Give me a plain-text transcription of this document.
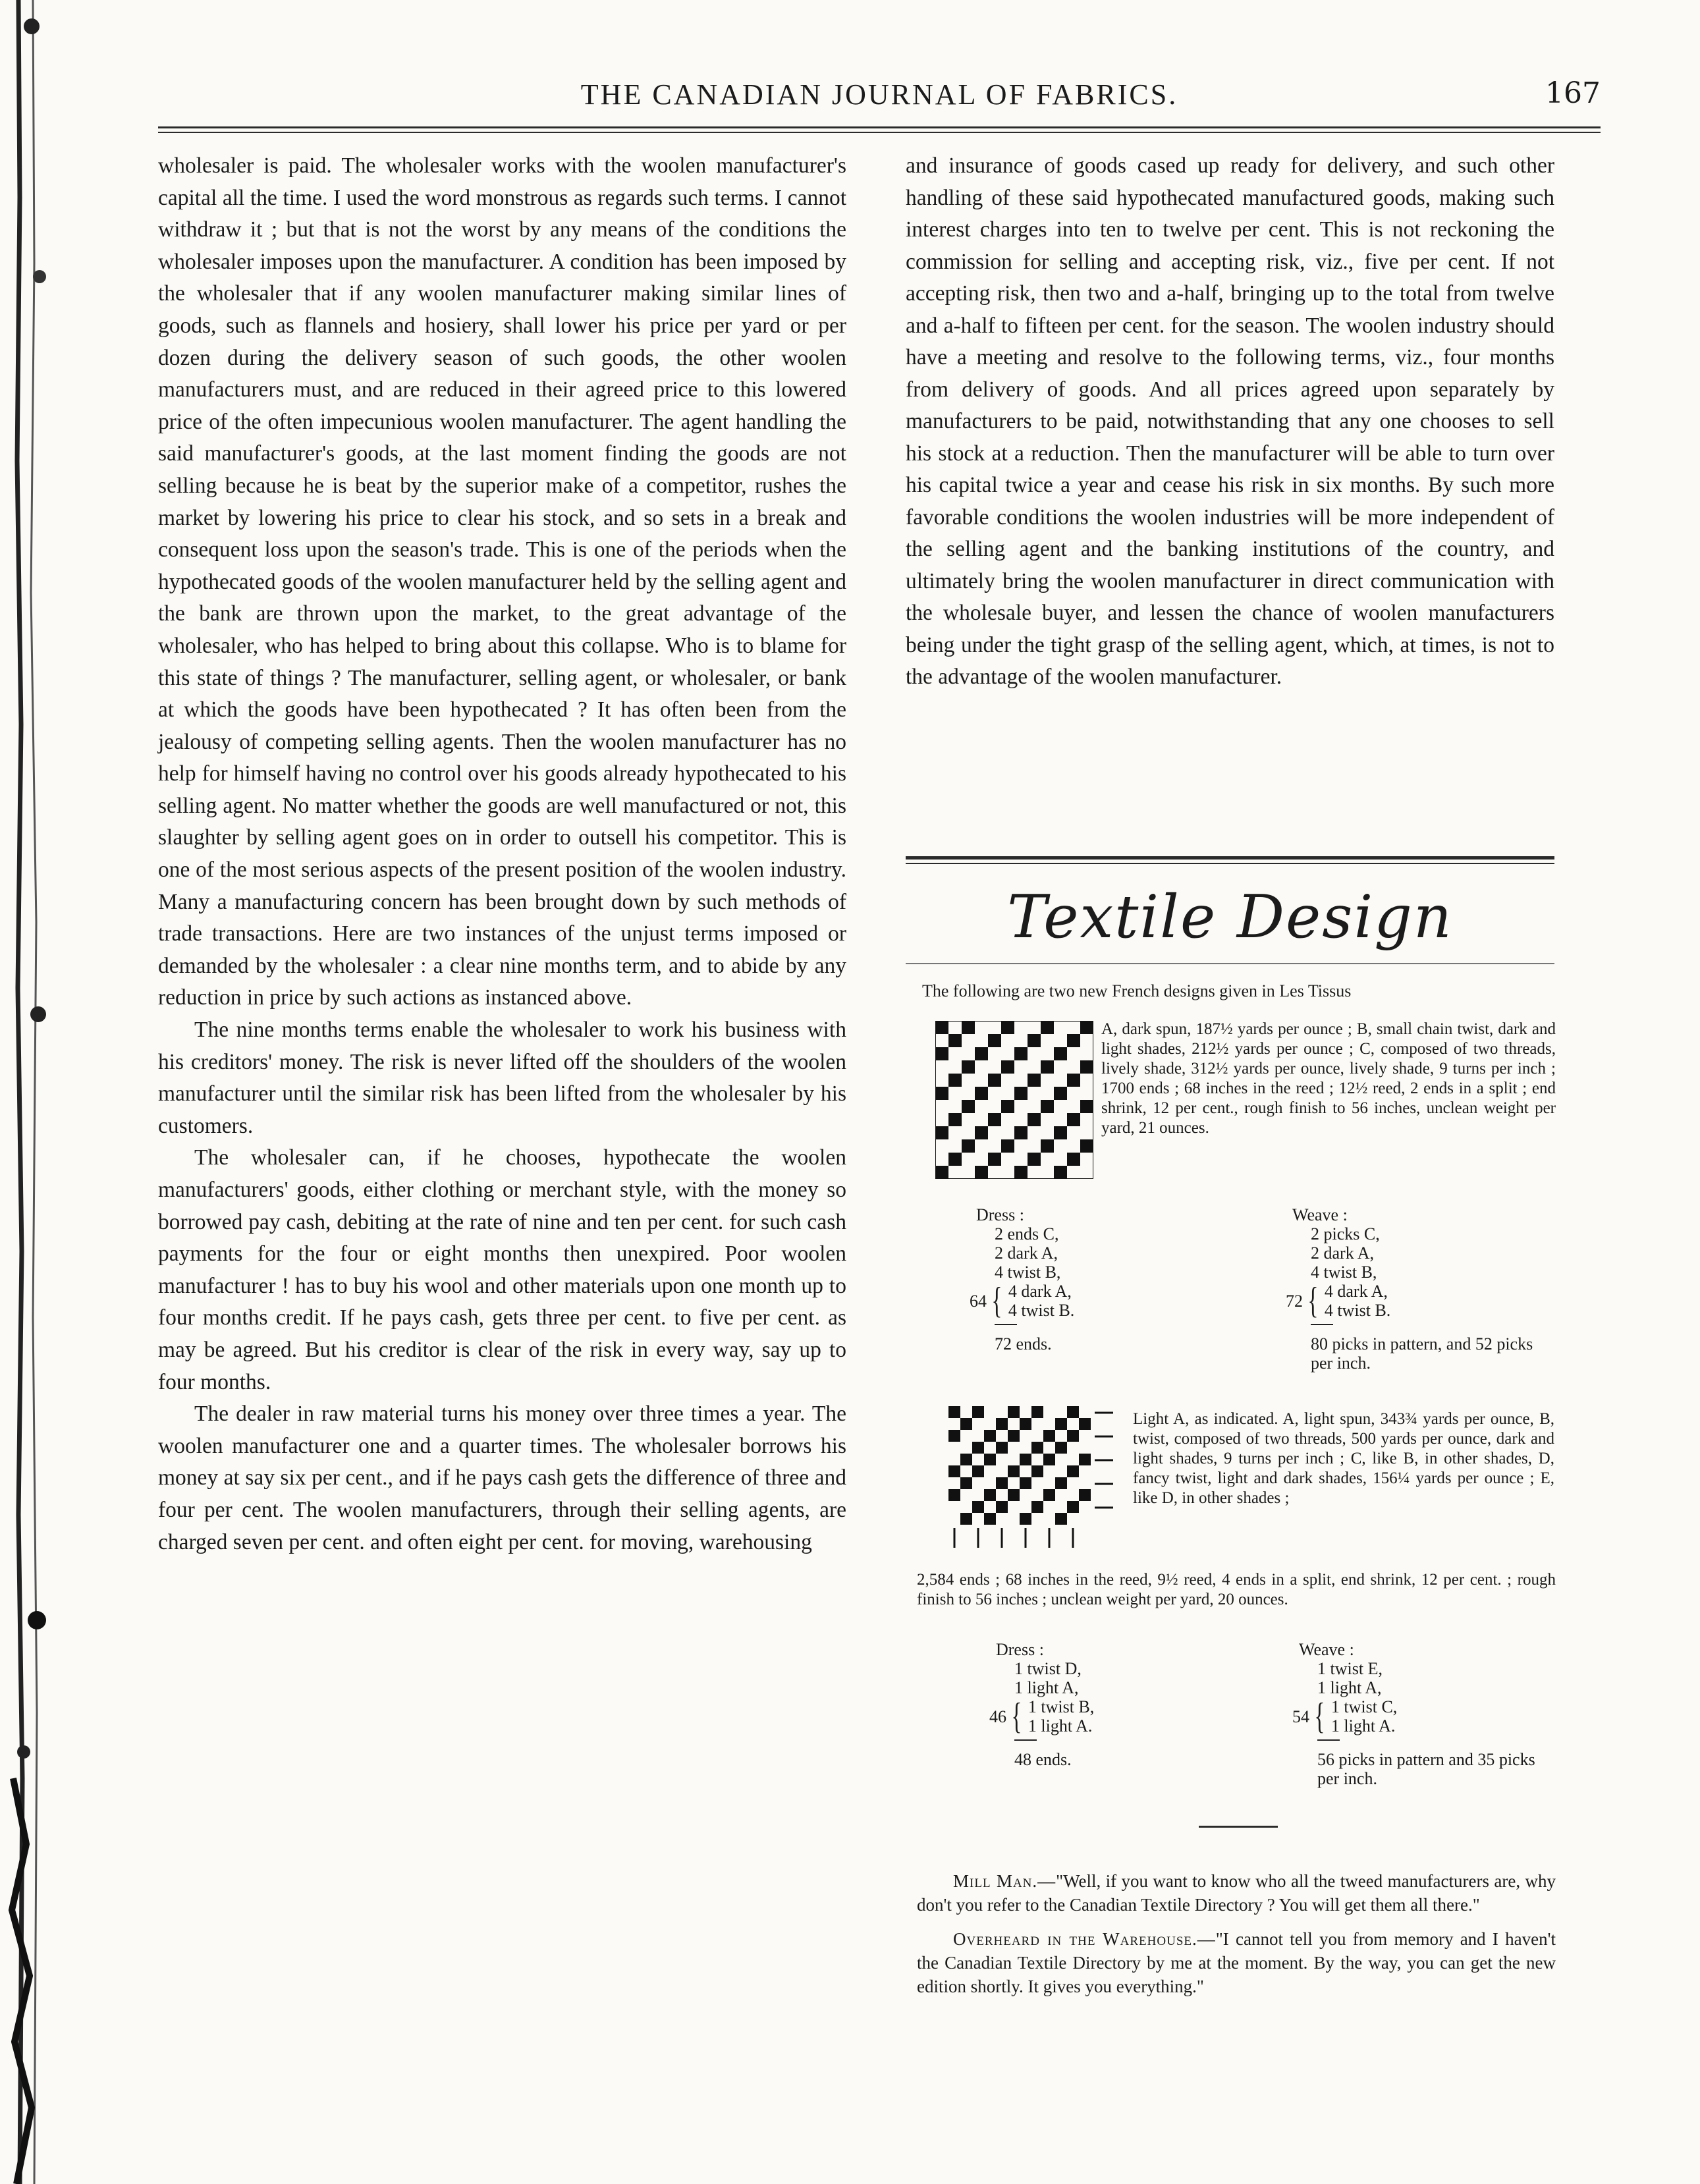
THE CANADIAN JOURNAL OF FABRICS.	167

wholesaler is paid. The wholesaler works with the woolen manufacturer's capital all the time. I used the word monstrous as regards such terms. I cannot withdraw it ; but that is not the worst by any means of the conditions the wholesaler imposes upon the manufacturer. A condition has been imposed by the wholesaler that if any woolen manufacturer making similar lines of goods, such as flannels and hosiery, shall lower his price per yard or per dozen during the delivery season of such goods, the other woolen manufacturers must, and are reduced in their agreed price to this lowered price of the often impecunious woolen manufacturer. The agent handling the said manufacturer's goods, at the last moment finding the goods are not selling because he is beat by the superior make of a competitor, rushes the market by lowering his price to clear his stock, and so sets in a break and consequent loss upon the season's trade. This is one of the periods when the hypothecated goods of the woolen manufacturer held by the selling agent and the bank are thrown upon the market, to the great advantage of the wholesaler, who has helped to bring about this collapse. Who is to blame for this state of things ? The manufacturer, selling agent, or wholesaler, or bank at which the goods have been hypothecated ? It has often been from the jealousy of competing selling agents. Then the woolen manufacturer has no help for himself having no control over his goods already hypothecated to his selling agent. No matter whether the goods are well manufactured or not, this slaughter by selling agent goes on in order to outsell his competitor. This is one of the most serious aspects of the present position of the woolen industry. Many a manufacturing concern has been brought down by such methods of trade transactions. Here are two instances of the unjust terms imposed or demanded by the wholesaler : a clear nine months term, and to abide by any reduction in price by such actions as instanced above.

The nine months terms enable the wholesaler to work his business with his creditors' money. The risk is never lifted off the shoulders of the woolen manufacturer until the similar risk has been lifted from the wholesaler by his customers.

The wholesaler can, if he chooses, hypothecate the woolen manufacturers' goods, either clothing or merchant style, with the money so borrowed pay cash, debiting at the rate of nine and ten per cent. for such cash payments for the four or eight months then unexpired. Poor woolen manufacturer ! has to buy his wool and other materials upon one month up to four months credit. If he pays cash, gets three per cent. to five per cent. as may be agreed. But his creditor is clear of the risk in every way, say up to four months.

The dealer in raw material turns his money over three times a year. The woolen manufacturer one and a quarter times. The wholesaler borrows his money at say six per cent., and if he pays cash gets the difference of three and four per cent. The woolen manufacturers, through their selling agents, are charged seven per cent. and often eight per cent. for moving, warehousing

and insurance of goods cased up ready for delivery, and such other handling of these said hypothecated manufactured goods, making such interest charges into ten to twelve per cent. This is not reckoning the commission for selling and accepting risk, viz., five per cent. If not accepting risk, then two and a-half, bringing up to the total from twelve and a-half to fifteen per cent. for the season. The woolen industry should have a meeting and resolve to the following terms, viz., four months from delivery of goods. And all prices agreed upon separately by manufacturers to be paid, notwithstanding that any one chooses to sell his stock at a reduction. Then the manufacturer will be able to turn over his capital twice a year and cease his risk in six months. By such more favorable conditions the woolen industries will be more independent of the selling agent and the banking institutions of the country, and ultimately bring the woolen manufacturer in direct communication with the wholesale buyer, and lessen the chance of woolen manufacturers being under the tight grasp of the selling agent, which, at times, is not to the advantage of the woolen manufacturer.

Textile Design
The following are two new French designs given in Les Tissus
A, dark spun, 187½ yards per ounce ; B, small chain twist, dark and light shades, 212½ yards per ounce ; C, composed of two threads, lively shade, 312½ yards per ounce, lively shade, 9 turns per inch ; 1700 ends ; 68 inches in the reed ; 12½ reed, 2 ends in a split ; end shrink, 12 per cent., rough finish to 56 inches, unclean weight per yard, 21 ounces.
Dress :
2 ends C,
2 dark A,
4 twist B,
64 { 4 dark A,
4 twist B.
72 ends.
Weave :
2 picks C,
2 dark A,
4 twist B,
72 { 4 dark A,
4 twist B.
80 picks in pattern, and 52 picks per inch.
Light A, as indicated. A, light spun, 343¾ yards per ounce, B, twist, composed of two threads, 500 yards per ounce, dark and light shades, 9 turns per inch ; C, like B, in other shades, D, fancy twist, light and dark shades, 156¼ yards per ounce ; E, like D, in other shades ;
2,584 ends ; 68 inches in the reed, 9½ reed, 4 ends in a split, end shrink, 12 per cent. ; rough finish to 56 inches ; unclean weight per yard, 20 ounces.
Dress :
1 twist D,
1 light A,
46 { 1 twist B,
1 light A.
48 ends.
Weave :
1 twist E,
1 light A,
54 { 1 twist C,
1 light A.
56 picks in pattern and 35 picks per inch.

Mill Man.—"Well, if you want to know who all the tweed manufacturers are, why don't you refer to the Canadian Textile Directory ? You will get them all there."

Overheard in the Warehouse.—"I cannot tell you from memory and I haven't the Canadian Textile Directory by me at the moment. By the way, you can get the new edition shortly. It gives you everything."
